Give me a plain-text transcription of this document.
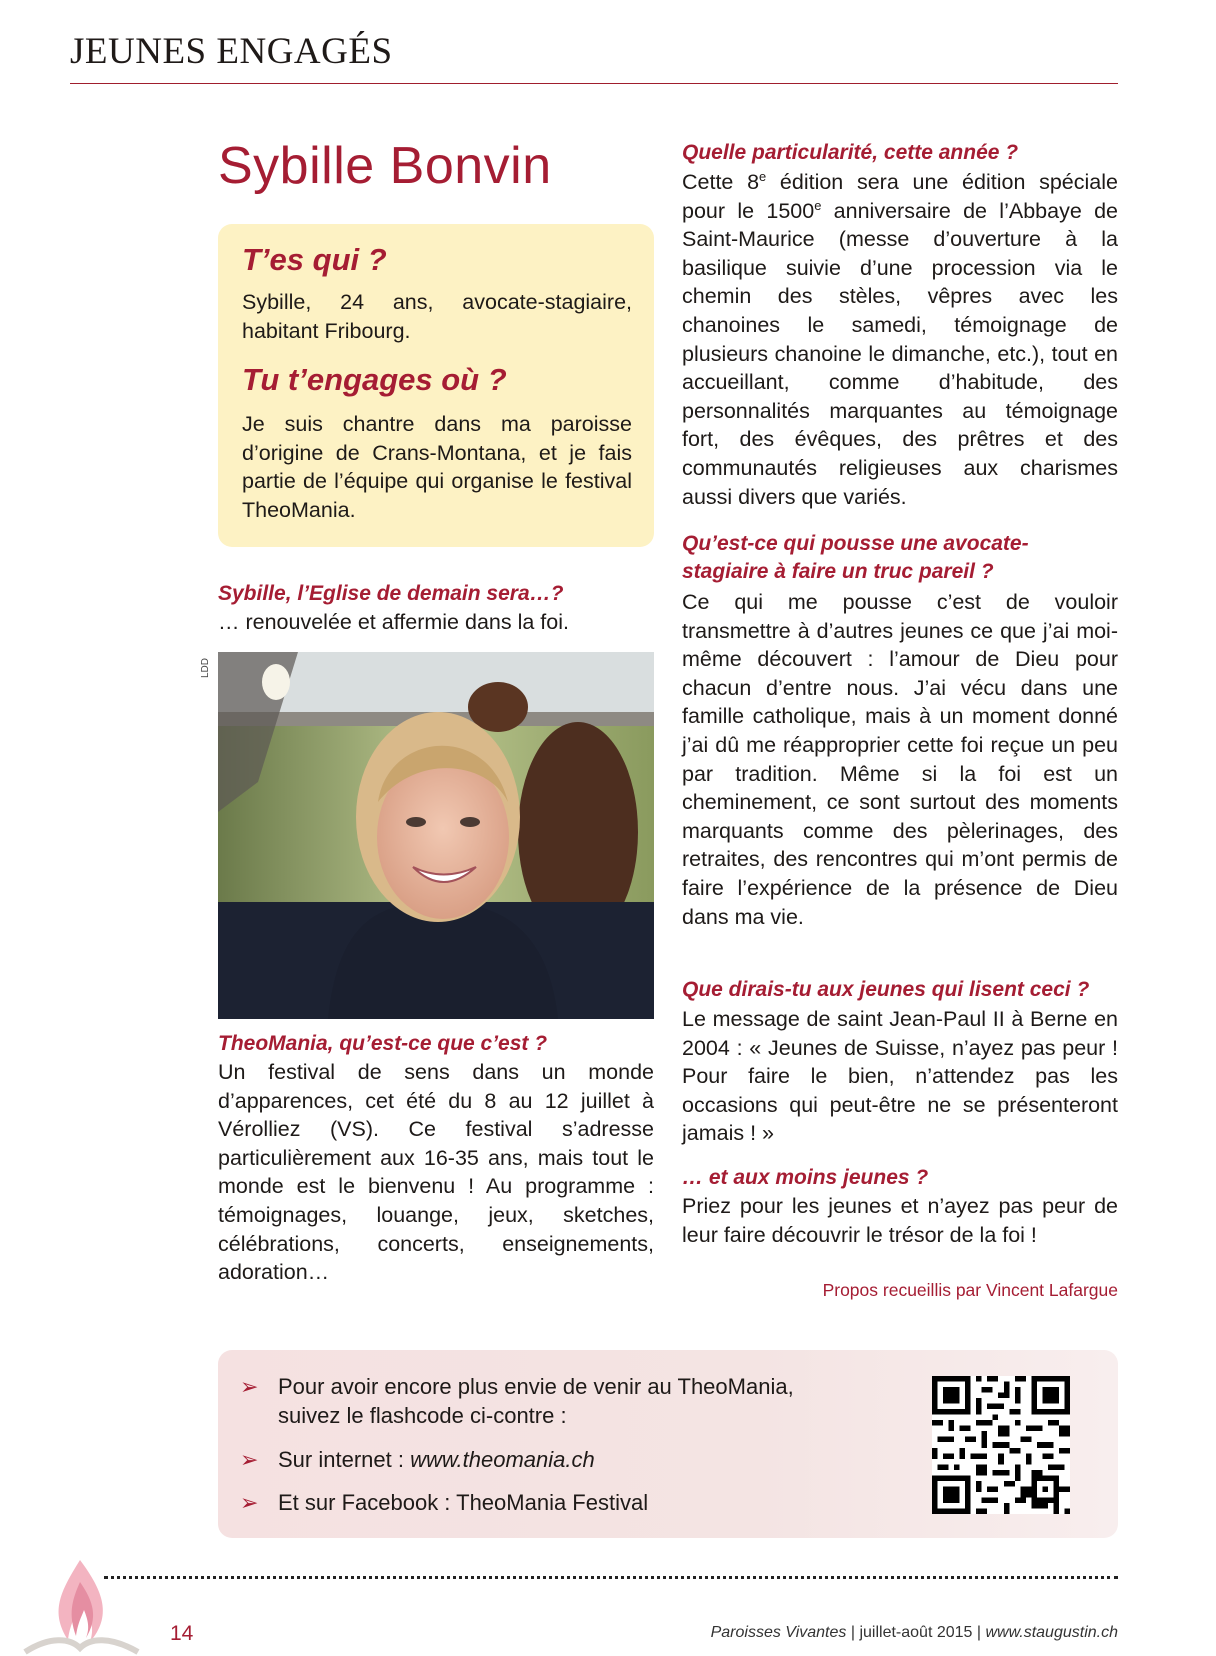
JEUNES ENGAGÉS
Sybille Bonvin
T’es qui ?
Sybille, 24 ans, avocate-stagiaire, habitant Fribourg.
Tu t’engages où ?
Je suis chantre dans ma paroisse d’origine de Crans-Montana, et je fais partie de l’équipe qui organise le festival TheoMania.
Sybille, l’Eglise de demain sera…?
… renouvelée et affermie dans la foi.
LDD
TheoMania, qu’est-ce que c’est ?
Un festival de sens dans un monde d’apparences, cet été du 8 au 12 juillet à Vérolliez (VS). Ce festival s’adresse particulièrement aux 16-35 ans, mais tout le monde est le bienvenu ! Au programme : témoignages, louange, jeux, sketches, célébrations, concerts, enseignements, adoration…
Quelle particularité, cette année ?
Cette 8e édition sera une édition spéciale pour le 1500e anniversaire de l’Abbaye de Saint-Maurice (messe d’ouverture à la basilique suivie d’une procession via le chemin des stèles, vêpres avec les chanoines le samedi, témoignage de plusieurs chanoine le dimanche, etc.), tout en accueillant, comme d’habitude, des personnalités marquantes au témoignage fort, des évêques, des prêtres et des communautés religieuses aux charismes aussi divers que variés.
Qu’est-ce qui pousse une avocate-stagiaire à faire un truc pareil ?
Ce qui me pousse c’est de vouloir transmettre à d’autres jeunes ce que j’ai moi-même découvert : l’amour de Dieu pour chacun d’entre nous. J’ai vécu dans une famille catholique, mais à un moment donné j’ai dû me réapproprier cette foi reçue un peu par tradition. Même si la foi est un cheminement, ce sont surtout des moments marquants comme des pèlerinages, des retraites, des rencontres qui m’ont permis de faire l’expérience de la présence de Dieu dans ma vie.
Que dirais-tu aux jeunes qui lisent ceci ?
Le message de saint Jean-Paul II à Berne en 2004 : « Jeunes de Suisse, n’ayez pas peur ! Pour faire le bien, n’attendez pas les occasions qui peut-être ne se présenteront jamais ! »
… et aux moins jeunes ?
Priez pour les jeunes et n’ayez pas peur de leur faire découvrir le trésor de la foi !
Propos recueillis par Vincent Lafargue
➢ Pour avoir encore plus envie de venir au TheoMania,
suivez le flashcode ci-contre :
➢ Sur internet : www.theomania.ch
➢ Et sur Facebook : TheoMania Festival
14	Paroisses Vivantes | juillet-août 2015 | www.staugustin.ch
